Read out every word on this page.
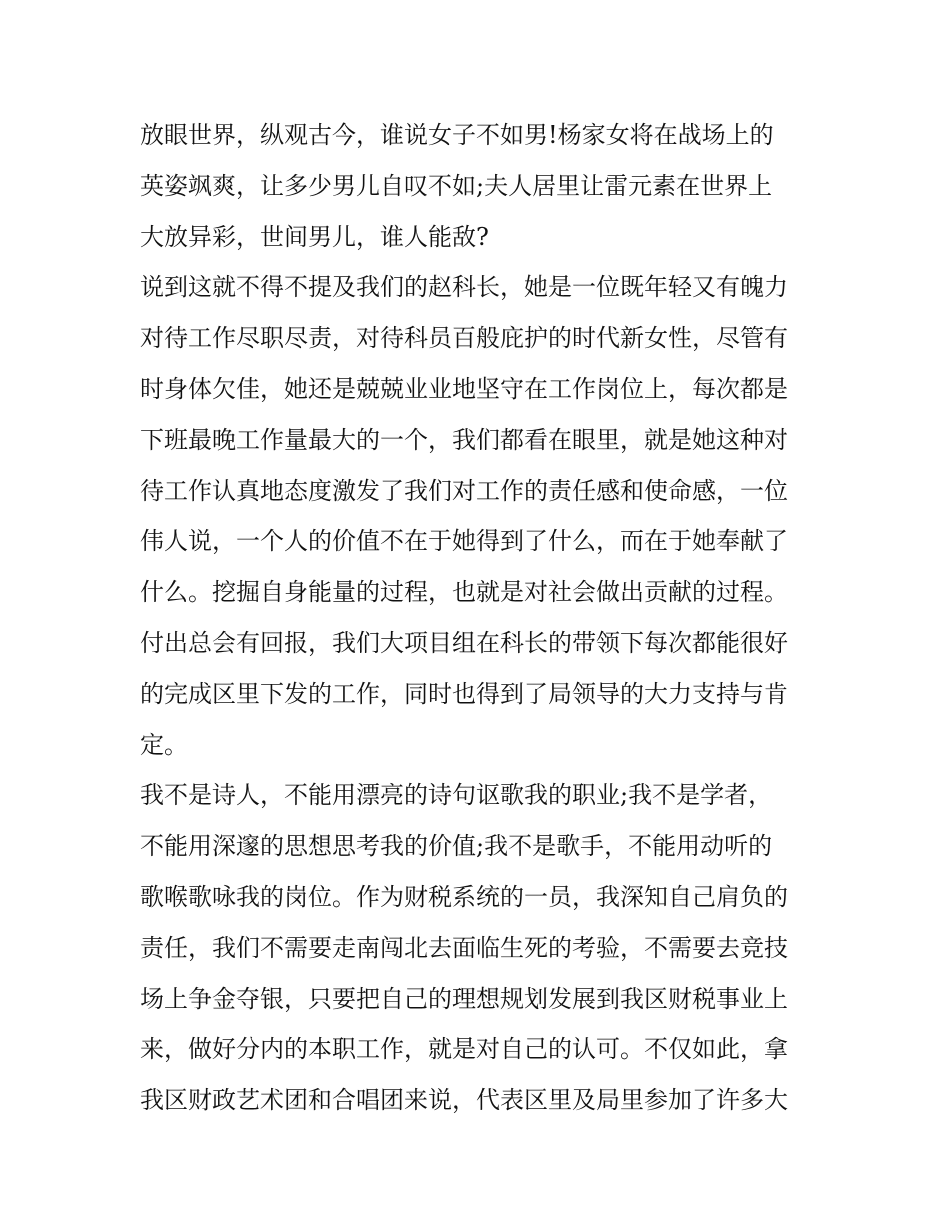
放眼世界，纵观古今，谁说女子不如男!杨家女将在战场上的
英姿飒爽，让多少男儿自叹不如;夫人居里让雷元素在世界上
大放异彩，世间男儿，谁人能敌?
说到这就不得不提及我们的赵科长，她是一位既年轻又有魄力
对待工作尽职尽责，对待科员百般庇护的时代新女性，尽管有
时身体欠佳，她还是兢兢业业地坚守在工作岗位上，每次都是
下班最晚工作量最大的一个，我们都看在眼里，就是她这种对
待工作认真地态度激发了我们对工作的责任感和使命感，一位
伟人说，一个人的价值不在于她得到了什么，而在于她奉献了
什么。挖掘自身能量的过程，也就是对社会做出贡献的过程。
付出总会有回报，我们大项目组在科长的带领下每次都能很好
的完成区里下发的工作，同时也得到了局领导的大力支持与肯
定。
我不是诗人，不能用漂亮的诗句讴歌我的职业;我不是学者，
不能用深邃的思想思考我的价值;我不是歌手，不能用动听的
歌喉歌咏我的岗位。作为财税系统的一员，我深知自己肩负的
责任，我们不需要走南闯北去面临生死的考验，不需要去竞技
场上争金夺银，只要把自己的理想规划发展到我区财税事业上
来，做好分内的本职工作，就是对自己的认可。不仅如此，拿
我区财政艺术团和合唱团来说，代表区里及局里参加了许多大
